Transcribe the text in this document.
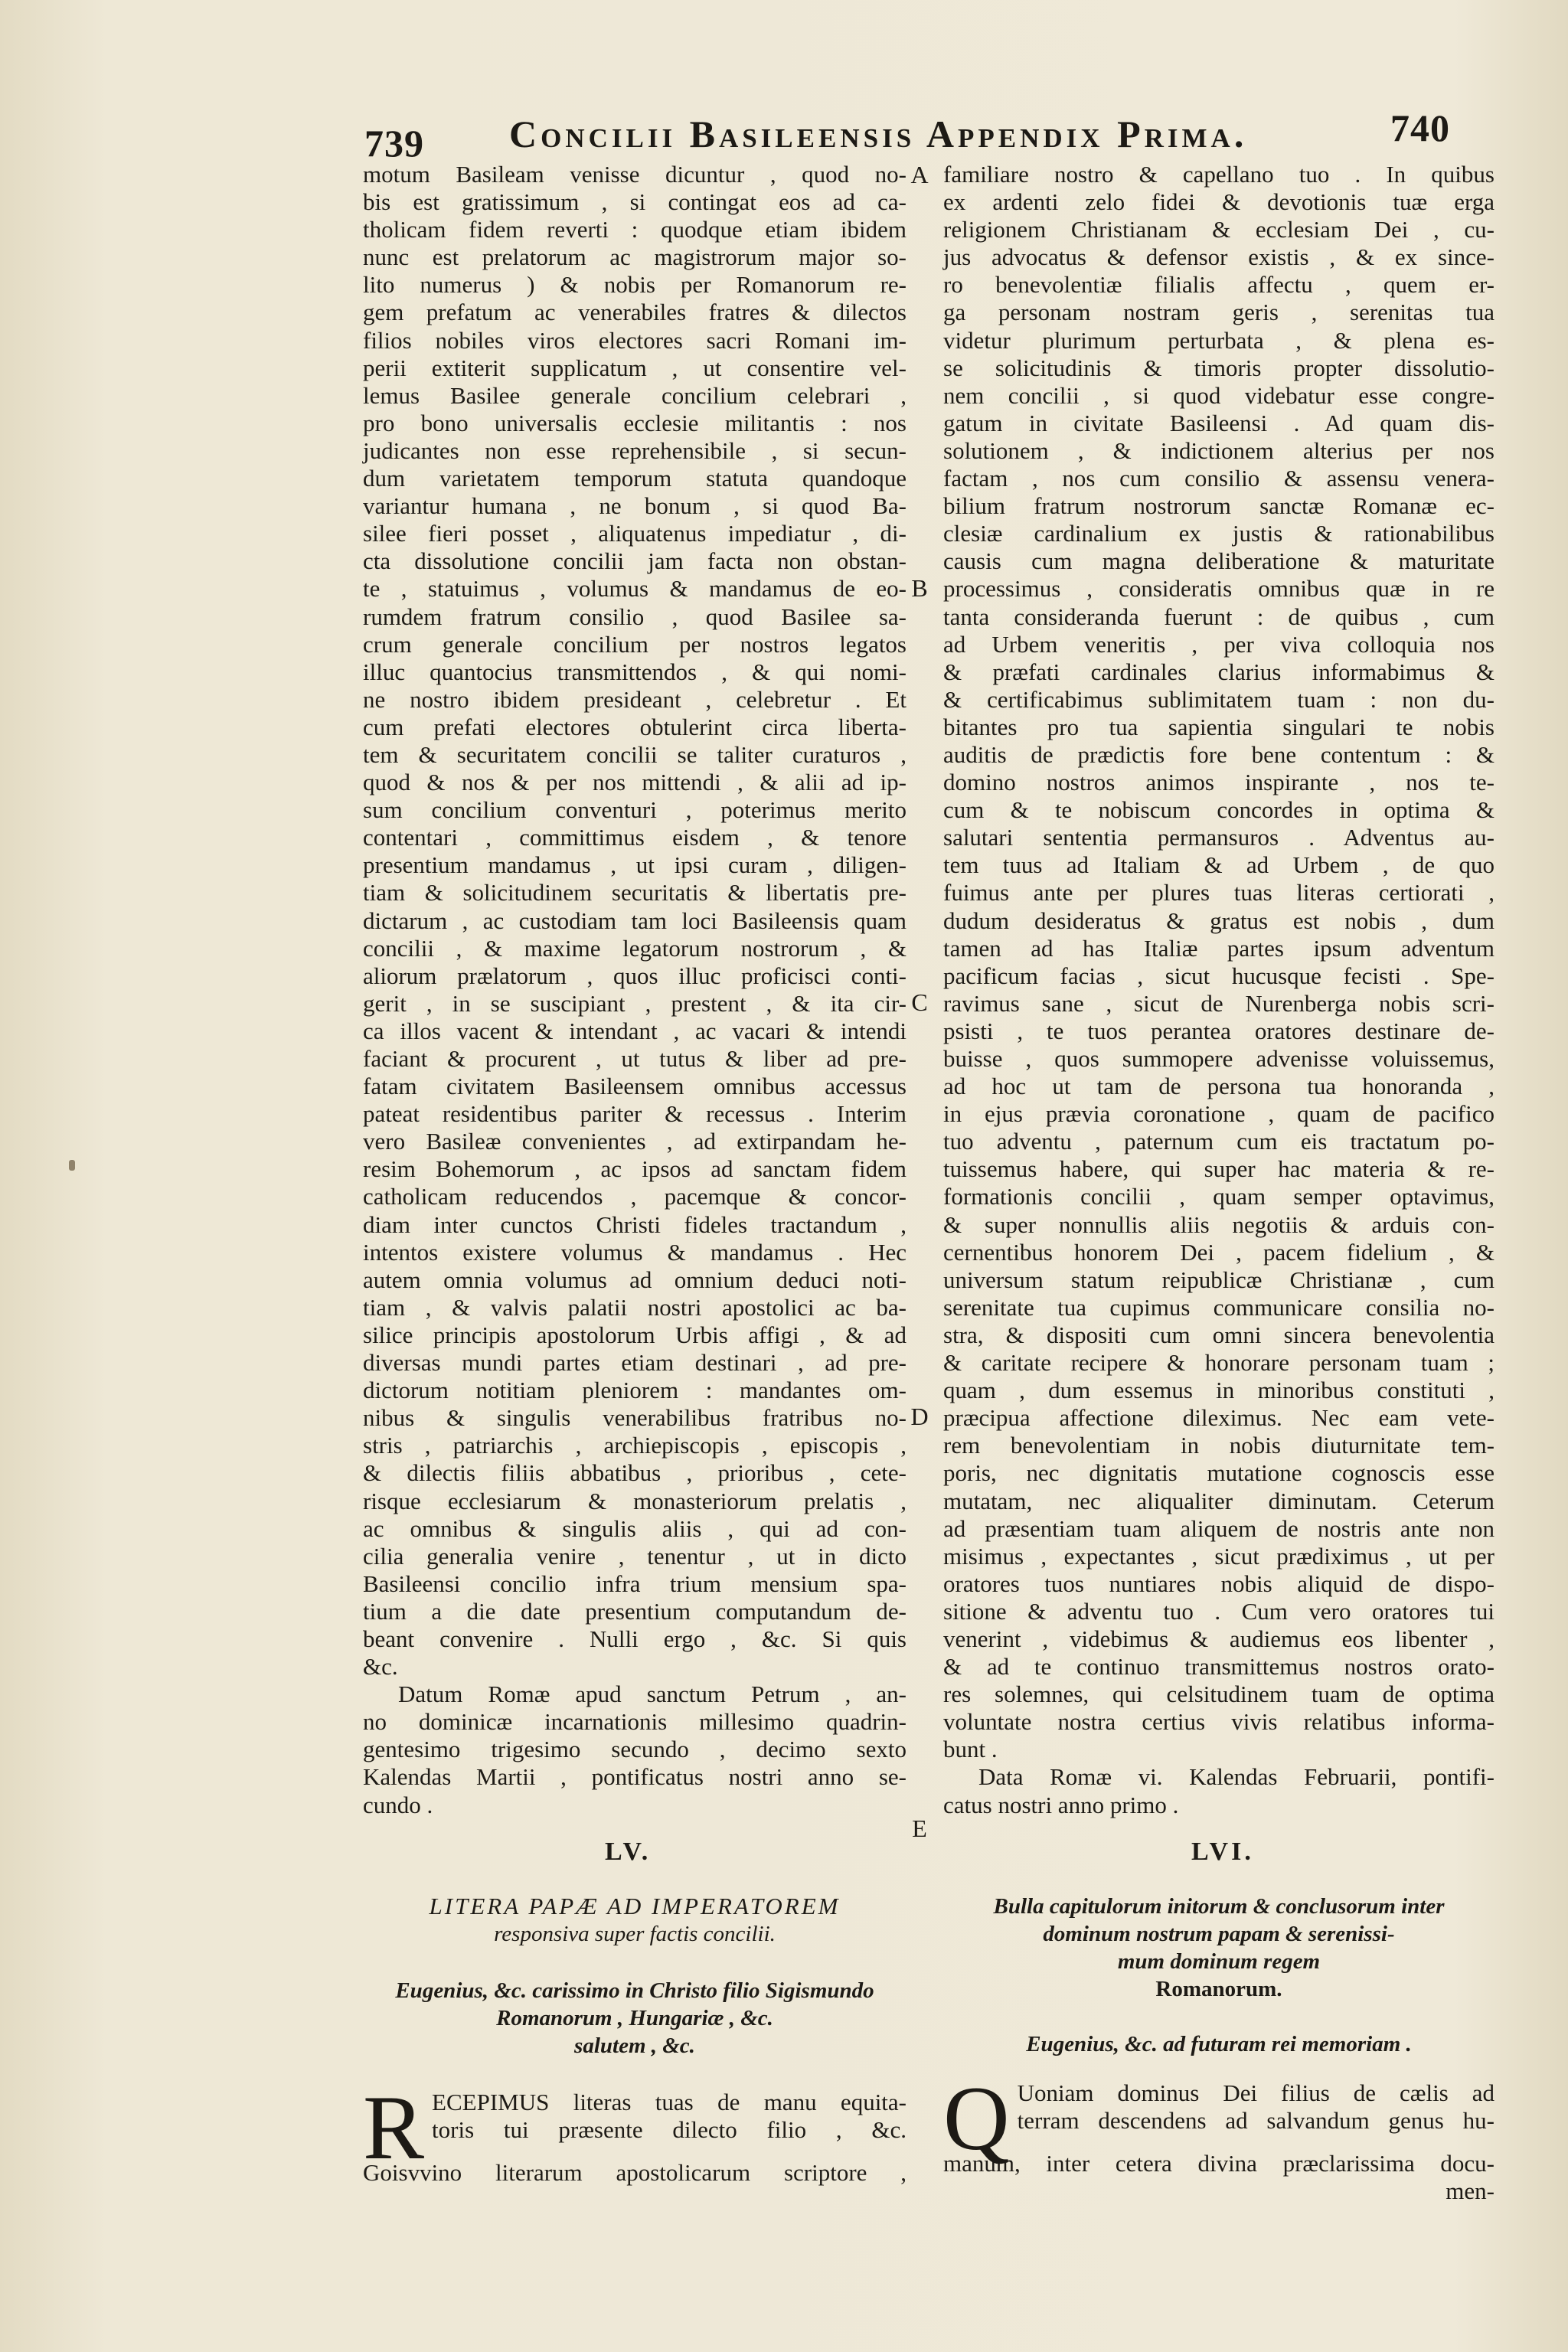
739 Concilii Basileensis Appendix Prima.	740
motum Basileam venisse dicuntur , quod no-
bis est gratissimum , si contingat eos ad ca-
tholicam fidem reverti : quodque etiam ibidem
nunc est prelatorum ac magistrorum major so-
lito numerus ) & nobis per Romanorum re-
gem prefatum ac venerabiles fratres & dilectos
filios nobiles viros electores sacri Romani im-
perii extiterit supplicatum , ut consentire vel-
lemus Basilee generale concilium celebrari ,
pro bono universalis ecclesie militantis : nos
judicantes non esse reprehensibile , si secun-
dum varietatem temporum statuta quandoque
variantur humana , ne bonum , si quod Ba-
silee fieri posset , aliquatenus impediatur , di-
cta dissolutione concilii jam facta non obstan-
te , statuimus , volumus & mandamus de eo-
rumdem fratrum consilio , quod Basilee sa-
crum generale concilium per nostros legatos
illuc quantocius transmittendos , & qui nomi-
ne nostro ibidem presideant , celebretur . Et
cum prefati electores obtulerint circa liberta-
tem & securitatem concilii se taliter curaturos ,
quod & nos & per nos mittendi , & alii ad ip-
sum concilium conventuri , poterimus merito
contentari , committimus eisdem , & tenore
presentium mandamus , ut ipsi curam , diligen-
tiam & solicitudinem securitatis & libertatis pre-
dictarum , ac custodiam tam loci Basileensis quam
concilii , & maxime legatorum nostrorum , &
aliorum prælatorum , quos illuc proficisci conti-
gerit , in se suscipiant , prestent , & ita cir-
ca illos vacent & intendant , ac vacari & intendi
faciant & procurent , ut tutus & liber ad pre-
fatam civitatem Basileensem omnibus accessus
pateat residentibus pariter & recessus . Interim
vero Basileæ convenientes , ad extirpandam he-
resim Bohemorum , ac ipsos ad sanctam fidem
catholicam reducendos , pacemque & concor-
diam inter cunctos Christi fideles tractandum ,
intentos existere volumus & mandamus . Hec
autem omnia volumus ad omnium deduci noti-
tiam , & valvis palatii nostri apostolici ac ba-
silice principis apostolorum Urbis affigi , & ad
diversas mundi partes etiam destinari , ad pre-
dictorum notitiam pleniorem : mandantes om-
nibus & singulis venerabilibus fratribus no-
stris , patriarchis , archiepiscopis , episcopis ,
& dilectis filiis abbatibus , prioribus , cete-
risque ecclesiarum & monasteriorum prelatis ,
ac omnibus & singulis aliis , qui ad con-
cilia generalia venire , tenentur , ut in dicto
Basileensi concilio infra trium mensium spa-
tium a die date presentium computandum de-
beant convenire . Nulli ergo , &c. Si quis
&c.
Datum Romæ apud sanctum Petrum , an-
no dominicæ incarnationis millesimo quadrin-
gentesimo trigesimo secundo , decimo sexto
Kalendas Martii , pontificatus nostri anno se-
cundo .
familiare nostro & capellano tuo . In quibus
ex ardenti zelo fidei & devotionis tuæ erga
religionem Christianam & ecclesiam Dei , cu-
jus advocatus & defensor existis , & ex since-
ro benevolentiæ filialis affectu , quem er-
ga personam nostram geris , serenitas tua
videtur plurimum perturbata , & plena es-
se solicitudinis & timoris propter dissolutio-
nem concilii , si quod videbatur esse congre-
gatum in civitate Basileensi . Ad quam dis-
solutionem , & indictionem alterius per nos
factam , nos cum consilio & assensu venera-
bilium fratrum nostrorum sanctæ Romanæ ec-
clesiæ cardinalium ex justis & rationabilibus
causis cum magna deliberatione & maturitate
processimus , consideratis omnibus quæ in re
tanta consideranda fuerunt : de quibus , cum
ad Urbem veneritis , per viva colloquia nos
& præfati cardinales clarius informabimus &
& certificabimus sublimitatem tuam : non du-
bitantes pro tua sapientia singulari te nobis
auditis de prædictis fore bene contentum : &
domino nostros animos inspirante , nos te-
cum & te nobiscum concordes in optima &
salutari sententia permansuros . Adventus au-
tem tuus ad Italiam & ad Urbem , de quo
fuimus ante per plures tuas literas certiorati ,
dudum desideratus & gratus est nobis , dum
tamen ad has Italiæ partes ipsum adventum
pacificum facias , sicut hucusque fecisti . Spe-
ravimus sane , sicut de Nurenberga nobis scri-
psisti , te tuos perantea oratores destinare de-
buisse , quos summopere advenisse voluissemus,
ad hoc ut tam de persona tua honoranda ,
in ejus prævia coronatione , quam de pacifico
tuo adventu , paternum cum eis tractatum po-
tuissemus habere, qui super hac materia & re-
formationis concilii , quam semper optavimus,
& super nonnullis aliis negotiis & arduis con-
cernentibus honorem Dei , pacem fidelium , &
universum statum reipublicæ Christianæ , cum
serenitate tua cupimus communicare consilia no-
stra, & dispositi cum omni sincera benevolentia
& caritate recipere & honorare personam tuam ;
quam , dum essemus in minoribus constituti ,
præcipua affectione dileximus. Nec eam vete-
rem benevolentiam in nobis diuturnitate tem-
poris, nec dignitatis mutatione cognoscis esse
mutatam, nec aliqualiter diminutam. Ceterum
ad præsentiam tuam aliquem de nostris ante non
misimus , expectantes , sicut prædiximus , ut per
oratores tuos nuntiares nobis aliquid de dispo-
sitione & adventu tuo . Cum vero oratores tui
venerint , videbimus & audiemus eos libenter ,
& ad te continuo transmittemus nostros orato-
res solemnes, qui celsitudinem tuam de optima
voluntate nostra certius vivis relatibus informa-
bunt .
Data Romæ vi. Kalendas Februarii, pontifi-
catus nostri anno primo .
A
B
C
D
E
LV.
LITERA PAPÆ AD IMPERATOREM
responsiva super factis concilii.
Eugenius, &c. carissimo in Christo filio Sigismundo
Romanorum , Hungariæ , &c.
salutem , &c.
R ECEPIMUS literas tuas de manu equita-
toris tui præsente dilecto filio , &c.
Goisvvino literarum apostolicarum scriptore ,
LVI.
Bulla capitulorum initorum & conclusorum inter
dominum nostrum papam & serenissi-
mum dominum regem
Romanorum.
Eugenius, &c. ad futuram rei memoriam .
Q Uoniam dominus Dei filius de cælis ad
terram descendens ad salvandum genus hu-
manum, inter cetera divina præclarissima docu-
men-
